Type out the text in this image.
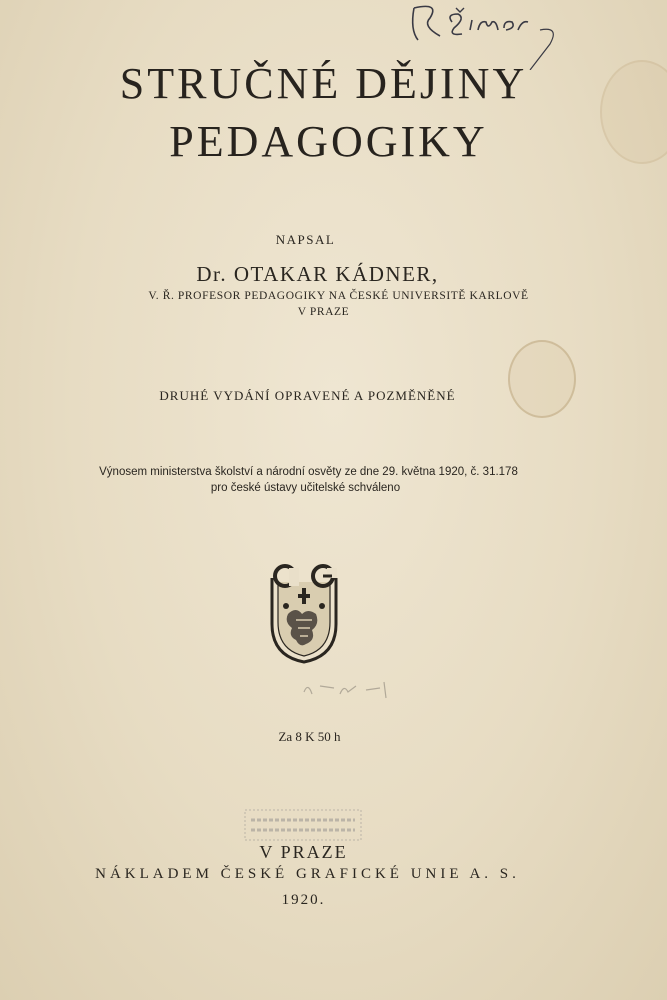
STRUČNÉ DĚJINY
PEDAGOGIKY
NAPSAL
Dr. OTAKAR KÁDNER,
V. Ř. PROFESOR PEDAGOGIKY NA ČESKÉ UNIVERSITĚ KARLOVĚ
V PRAZE
DRUHÉ VYDÁNÍ OPRAVENÉ A POZMĚNĚNÉ
Výnosem ministerstva školství a národní osvěty ze dne 29. května 1920, č. 31.178
pro české ústavy učitelské schváleno
Za 8 K 50 h
V PRAZE
NÁKLADEM ČESKÉ GRAFICKÉ UNIE A. S.
1920.
